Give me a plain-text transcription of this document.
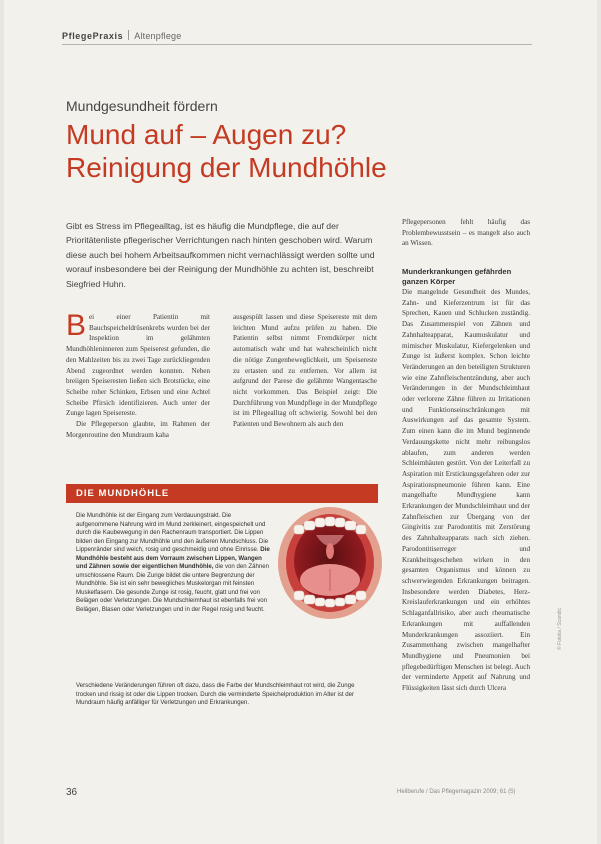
PflegePraxis Altenpflege
Mundgesundheit fördern
Mund auf – Augen zu?
Reinigung der Mundhöhle
Gibt es Stress im Pflegealltag, ist es häufig die Mundpflege, die auf der Prioritätenliste pflegerischer Verrichtungen nach hinten geschoben wird. Warum diese auch bei hohem Arbeitsaufkommen nicht vernachlässigt werden sollte und worauf insbesondere bei der Reinigung der Mundhöhle zu achten ist, beschreibt Siegfried Huhn.
Bei einer Patientin mit Bauchspeicheldrüsenkrebs wurden bei der Inspektion im gelähmten Mundhöhleninneren zum Speiserest gefunden, die den Mahlzeiten bis zu zwei Tage zurückliegenden Abend zugeordnet werden konnten. Neben breiigen Speiseresten ließen sich Brotstücke, eine Scheibe roher Schinken, Erbsen und eine Achtel Scheibe Pfirsich identifizieren. Auch unter der Zunge lagen Speisereste.
Die Pflegeperson glaubte, im Rahmen der Morgenroutine den Mundraum kaha
ausgespült lassen und diese Speisereste mit dem leichten Mund aufzu prüfen zu haben. Die Patientin selbst nimmt Fremdkörper nicht automatisch wahr und hat wahrscheinlich nicht die nötige Zungenbeweglichkeit, um Speisereste zu ertasten und zu entfernen. Vor allem ist aufgrund der Parese die gelähmte Wangentasche nicht vorkommen. Das Beispiel zeigt: Die Durchführung von Mundpflege in der Mundpflege ist im Pflegealltag oft schwierig. Sowohl bei den Patienten und Bewohnern als auch den
Pflegepersonen fehlt häufig das Problembewusstsein – es mangelt also auch an Wissen.
Munderkrankungen gefährden ganzen Körper
Die mangelnde Gesundheit des Mundes, Zahn- und Kieferzentrum ist für das Sprechen, Kauen und Schlucken zuständig. Das Zusammenspiel von Zähnen und Zahnhalteapparat, Kaumuskulatur und mimischer Muskulatur, Kiefergelenken und Zunge ist äußerst komplex. Schon leichte Veränderungen an den beteiligten Strukturen wie eine Zahnfleischentzündung, aber auch Veränderungen in der Mundschleimhaut oder verlorene Zähne führen zu Irritationen und Funktionseinschränkungen mit Auswirkungen auf das gesamte System. Zum einen kann die im Mund beginnende Verdauungskette nicht mehr reibungslos ablaufen, zum anderen werden Schleimhäuten gestört. Von der Leiterfall zu Aspiration mit Erstickungsgefahren oder zur Aspirationspneumonie führen kann. Eine mangelhafte Mundhygiene kann Erkrankungen der Mundschleimhaut und der Zahnfleischen zur Übergang von der Gingivitis zur Parodontitis mit Zerstörung des Zahnhalteapparats nach sich ziehen. Parodontitiserreger und Krankheitsgeschehen wirken in den gesamten Organismus und können zu schwerwiegenden Erkrankungen beitragen. Insbesondere werden Diabetes, Herz-Kreislauferkrankungen und ein erhöhtes Schlaganfallrisiko, aber auch rheumatische Erkrankungen mit auffallenden Munderkrankungen assoziiert. Ein Zusammenhang zwischen mangelhafter Mundhygiene und Pneumonien bei pflegebedürftigen Menschen ist belegt. Auch der verminderte Appetit auf Nahrung und Flüssigkeiten lässt sich durch Ulcera
DIE MUNDHÖHLE
Die Mundhöhle ist der Eingang zum Verdauungstrakt. Die aufgenommene Nahrung wird im Mund zerkleinert, eingespeichelt und durch die Kaubewegung in den Rachenraum transportiert. Die Lippen bilden den Eingang zur Mundhöhle und den äußeren Mundschluss. Die Lippenränder sind weich, rosig und geschmeidig und ohne Einrisse. Die Mundhöhle besteht aus dem Vorraum zwischen Lippen, Wangen und Zähnen sowie der eigentlichen Mundhöhle, die von den Zähnen umschlossene Raum. Die Zunge bildet die untere Begrenzung der Mundhöhle. Sie ist ein sehr bewegliches Muskelorgan mit feinsten Muskelfasern. Die gesunde Zunge ist rosig, feucht, glatt und frei von Belägen oder Verletzungen. Die Mundschleimhaut ist ebenfalls frei von Belägen, Blasen oder Verletzungen und in der Regel rosig und feucht.
Verschiedene Veränderungen führen oft dazu, dass die Farbe der Mundschleimhaut rot wird, die Zunge trocken und rissig ist oder die Lippen trocken. Durch die verminderte Speichelproduktion im Alter ist der Mundraum häufig anfälliger für Verletzungen und Erkrankungen.
36	Heilberufe / Das Pflegemagazin 2009; 61 (5)
© Fotolia / Scandic
